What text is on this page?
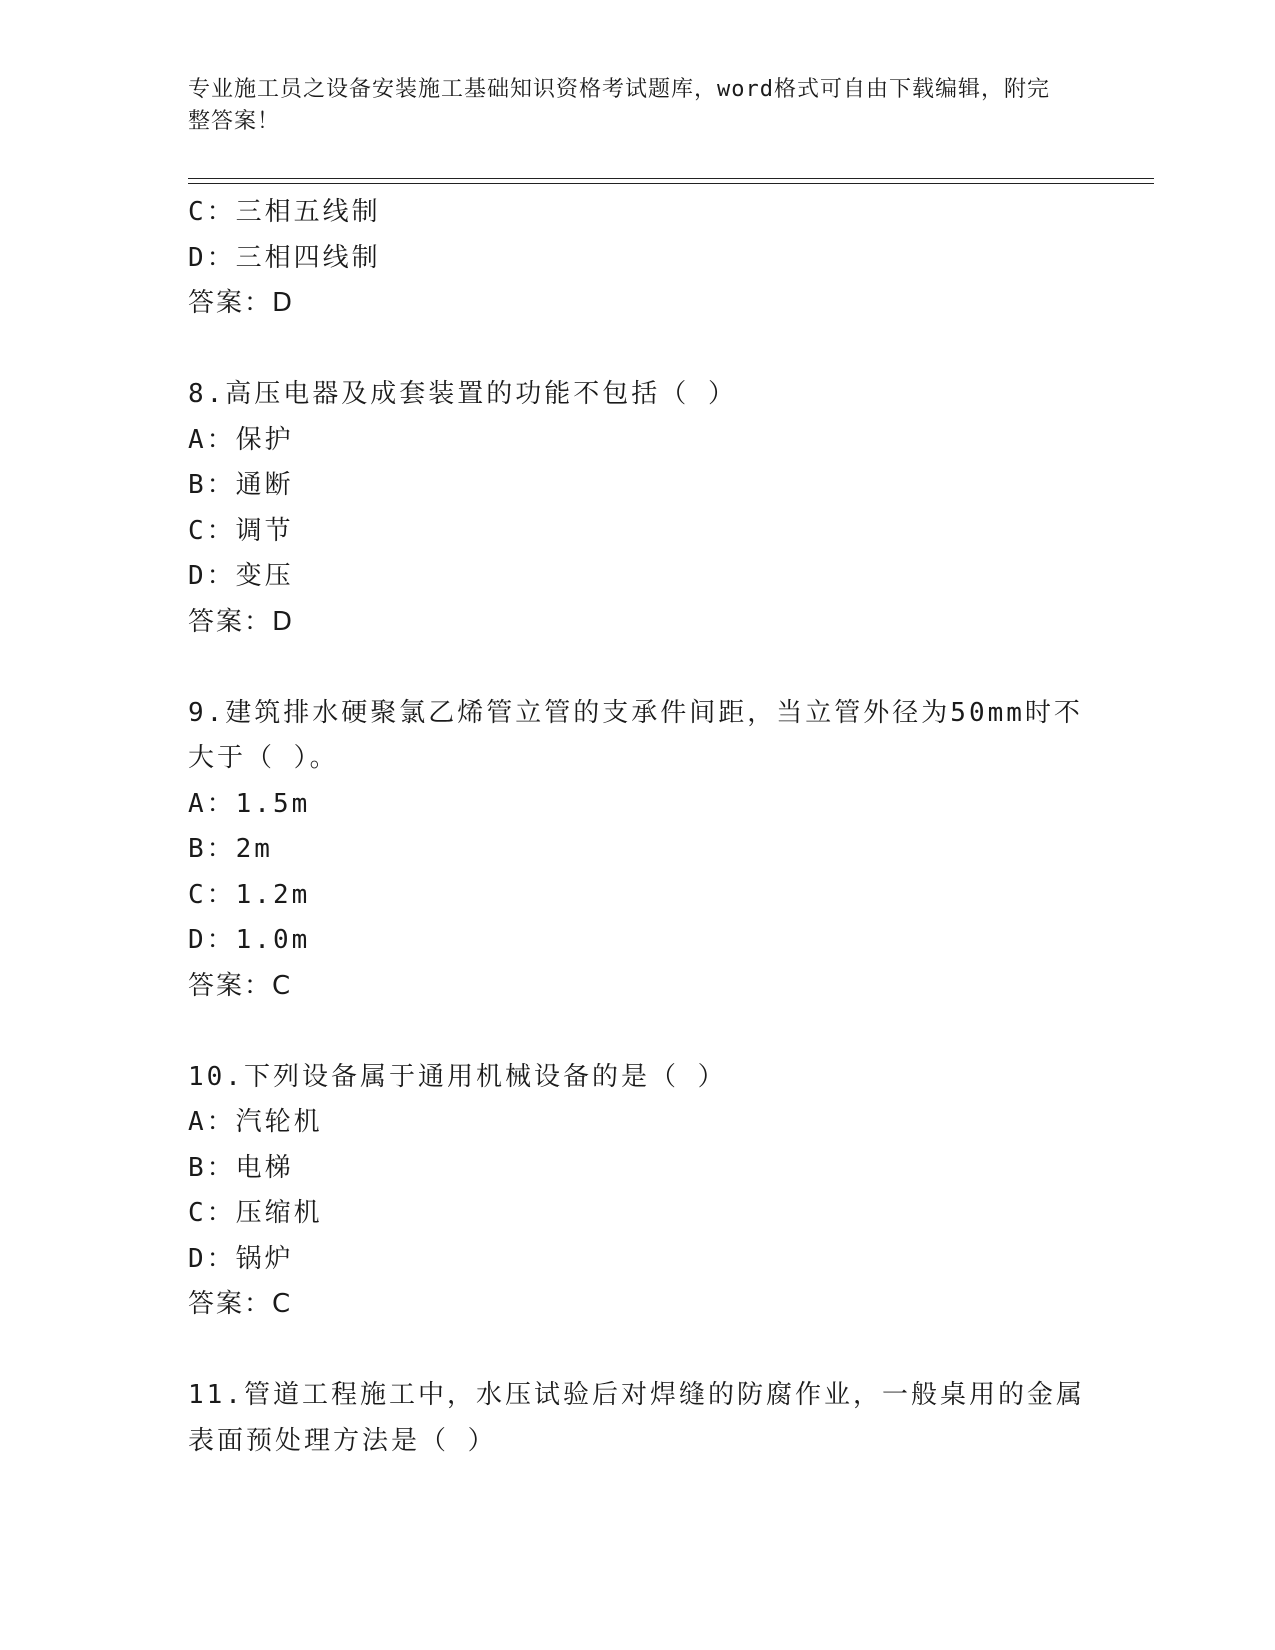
专业施工员之设备安装施工基础知识资格考试题库，word格式可自由下载编辑，附完整答案！
C：三相五线制
D：三相四线制
答案：D
8.高压电器及成套装置的功能不包括（ ）
A：保护
B：通断
C：调节
D：变压
答案：D
9.建筑排水硬聚氯乙烯管立管的支承件间距，当立管外径为50mm时不大于（ ）。
A：1.5m
B：2m
C：1.2m
D：1.0m
答案：C
10.下列设备属于通用机械设备的是（ ）
A：汽轮机
B：电梯
C：压缩机
D：锅炉
答案：C
11.管道工程施工中，水压试验后对焊缝的防腐作业，一般桌用的金属表面预处理方法是（ ）
